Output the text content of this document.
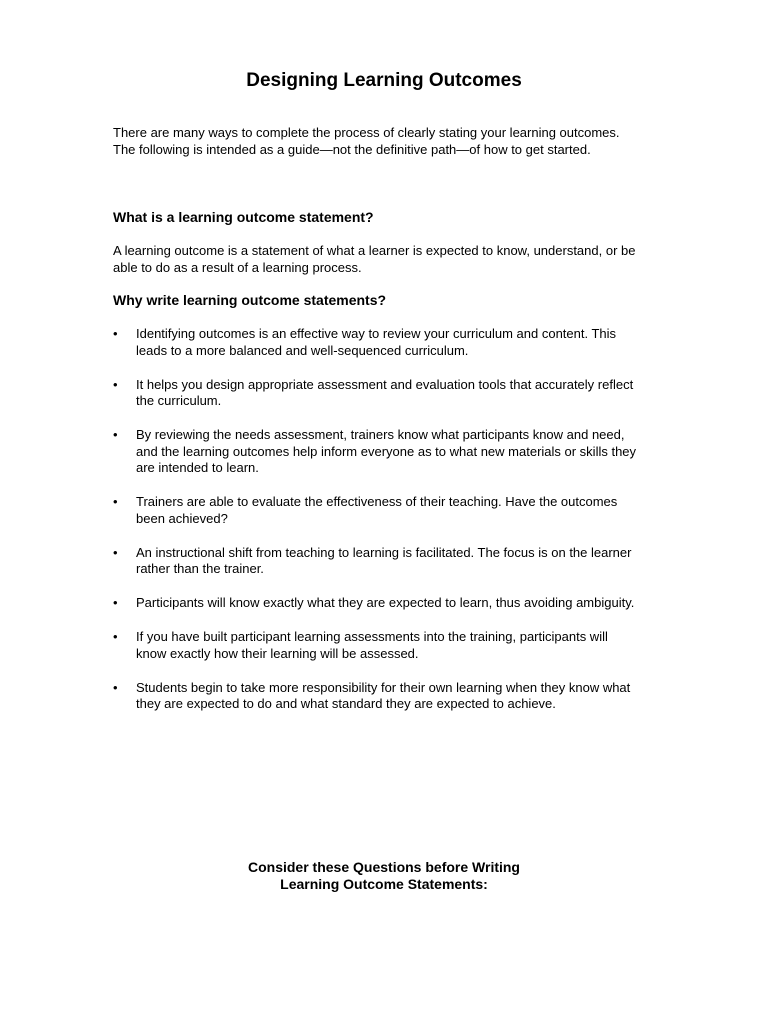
Designing Learning Outcomes

There are many ways to complete the process of clearly stating your learning outcomes.
The following is intended as a guide—not the definitive path—of how to get started.

What is a learning outcome statement?

A learning outcome is a statement of what a learner is expected to know, understand, or be
able to do as a result of a learning process.

Why write learning outcome statements?
• Identifying outcomes is an effective way to review your curriculum and content. This
leads to a more balanced and well-sequenced curriculum.
• It helps you design appropriate assessment and evaluation tools that accurately reflect
the curriculum.
• By reviewing the needs assessment, trainers know what participants know and need,
and the learning outcomes help inform everyone as to what new materials or skills they
are intended to learn.
• Trainers are able to evaluate the effectiveness of their teaching. Have the outcomes
been achieved?
• An instructional shift from teaching to learning is facilitated. The focus is on the learner
rather than the trainer.
• Participants will know exactly what they are expected to learn, thus avoiding ambiguity.
• If you have built participant learning assessments into the training, participants will
know exactly how their learning will be assessed.
• Students begin to take more responsibility for their own learning when they know what
they are expected to do and what standard they are expected to achieve.

Consider these Questions before Writing
Learning Outcome Statements:
